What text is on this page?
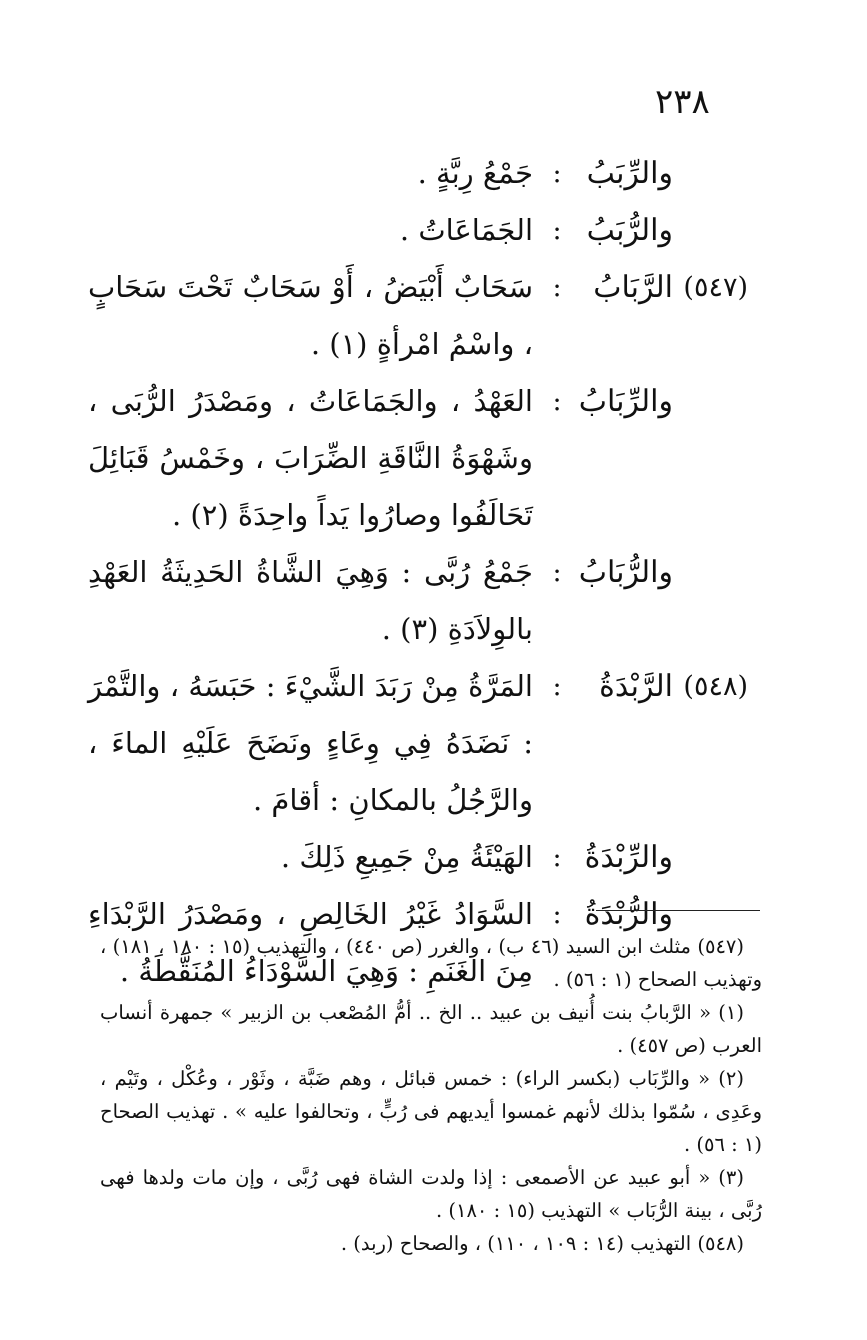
٢٣٨
والرِّبَبُ
:
جَمْعُ رِبَّةٍ .
والرُّبَبُ
:
الجَمَاعَاتُ .
(٥٤٧)
الرَّبَابُ
:
سَحَابٌ أَبْيَضُ ، أَوْ سَحَابٌ تَحْتَ سَحَابٍ ، واسْمُ امْرأةٍ (١) .
والرِّبَابُ
:
العَهْدُ ، والجَمَاعَاتُ ، ومَصْدَرُ الرُّبَى ، وشَهْوَةُ النَّاقَةِ الضِّرَابَ ، وخَمْسُ قَبَائِلَ تَحَالَفُوا وصارُوا يَداً واحِدَةً (٢) .
والرُّبَابُ
:
جَمْعُ رُبَّى : وَهِيَ الشَّاةُ الحَدِيثَةُ العَهْدِ بالوِلاَدَةِ (٣) .
(٥٤٨)
الرَّبْدَةُ
:
المَرَّةُ مِنْ رَبَدَ الشَّيْءَ : حَبَسَهُ ، والتَّمْرَ : نَضَدَهُ فِي وِعَاءٍ ونَضَحَ عَلَيْهِ الماءَ ، والرَّجُلُ بالمكانِ : أقامَ .
والرِّبْدَةُ
:
الهَيْئَةُ مِنْ جَمِيعِ ذَلِكَ .
والرُّبْدَةُ
:
السَّوَادُ غَيْرُ الخَالِصِ ، ومَصْدَرُ الرَّبْدَاءِ مِنَ الغَنَمِ : وَهِيَ السَّوْدَاءُ المُنَقَّطَةُ .

(٥٤٧) مثلث ابن السيد (٤٦ ب) ، والغرر (ص ٤٤٠) ، والتهذيب (١٥ : ١٨٠ ، ١٨١) ، وتهذيب الصحاح (١ : ٥٦) .

(١) « الرَّبابُ بنت أُنيف بن عبيد .. الخ .. أمُّ المُصْعب بن الزبير » جمهرة أنساب العرب (ص ٤٥٧) .

(٢) « والرِّبَاب (بكسر الراء) : خمس قبائل ، وهم ضَبَّة ، وثَوْر ، وعُكْل ، وتَيْم ، وعَدِى ، سُمّوا بذلك لأنهم غمسوا أيديهم فى رُبٍّ ، وتحالفوا عليه » . تهذيب الصحاح (١ : ٥٦) .

(٣) « أبو عبيد عن الأصمعى : إذا ولدت الشاة فهى رُبَّى ، وإن مات ولدها فهى رُبَّى ، بينة الرُّبَاب » التهذيب (١٥ : ١٨٠) .

(٥٤٨) التهذيب (١٤ : ١٠٩ ، ١١٠) ، والصحاح (ربد) .
